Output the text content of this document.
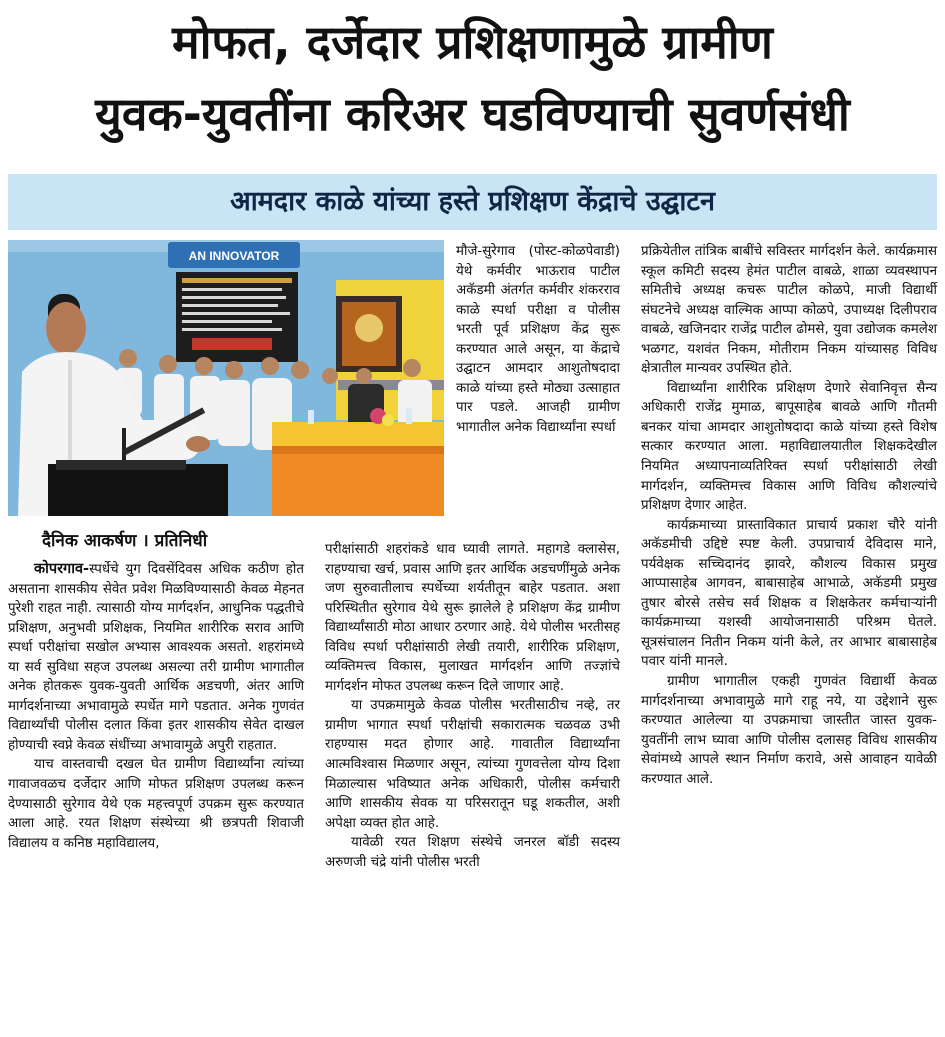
मोफत, दर्जेदार प्रशिक्षणामुळे ग्रामीण
युवक-युवतींना करिअर घडविण्याची सुवर्णसंधी
आमदार काळे यांच्या हस्ते प्रशिक्षण केंद्राचे उद्घाटन
AN INNOVATOR
दैनिक आकर्षण । प्रतिनिधी

कोपरगाव-स्पर्धेचे युग दिवसेंदिवस अधिक कठीण होत असताना शासकीय सेवेत प्रवेश मिळविण्यासाठी केवळ मेहनत पुरेशी राहत नाही. त्यासाठी योग्य मार्गदर्शन, आधुनिक पद्धतीचे प्रशिक्षण, अनुभवी प्रशिक्षक, नियमित शारीरिक सराव आणि स्पर्धा परीक्षांचा सखोल अभ्यास आवश्यक असतो. शहरांमध्ये या सर्व सुविधा सहज उपलब्ध असल्या तरी ग्रामीण भागातील अनेक होतकरू युवक-युवती आर्थिक अडचणी, अंतर आणि मार्गदर्शनाच्या अभावामुळे स्पर्धेत मागे पडतात. अनेक गुणवंत विद्यार्थ्यांची पोलीस दलात किंवा इतर शासकीय सेवेत दाखल होण्याची स्वप्ने केवळ संधींच्या अभावामुळे अपुरी राहतात.

याच वास्तवाची दखल घेत ग्रामीण विद्यार्थ्यांना त्यांच्या गावाजवळच दर्जेदार आणि मोफत प्रशिक्षण उपलब्ध करून देण्यासाठी सुरेगाव येथे एक महत्त्वपूर्ण उपक्रम सुरू करण्यात आला आहे. रयत शिक्षण संस्थेच्या श्री छत्रपती शिवाजी विद्यालय व कनिष्ठ महाविद्यालय,

मौजे-सुरेगाव (पोस्ट-कोळपेवाडी) येथे कर्मवीर भाऊराव पाटील अकॅडमी अंतर्गत कर्मवीर शंकरराव काळे स्पर्धा परीक्षा व पोलीस भरती पूर्व प्रशिक्षण केंद्र सुरू करण्यात आले असून, या केंद्राचे उद्घाटन आमदार आशुतोषदादा काळे यांच्या हस्ते मोठ्या उत्साहात पार पडले. आजही ग्रामीण भागातील अनेक विद्यार्थ्यांना स्पर्धा

परीक्षांसाठी शहरांकडे धाव घ्यावी लागते. महागडे क्लासेस, राहण्याचा खर्च, प्रवास आणि इतर आर्थिक अडचणींमुळे अनेक जण सुरुवातीलाच स्पर्धेच्या शर्यतीतून बाहेर पडतात. अशा परिस्थितीत सुरेगाव येथे सुरू झालेले हे प्रशिक्षण केंद्र ग्रामीण विद्यार्थ्यांसाठी मोठा आधार ठरणार आहे. येथे पोलीस भरतीसह विविध स्पर्धा परीक्षांसाठी लेखी तयारी, शारीरिक प्रशिक्षण, व्यक्तिमत्त्व विकास, मुलाखत मार्गदर्शन आणि तज्ज्ञांचे मार्गदर्शन मोफत उपलब्ध करून दिले जाणार आहे.

या उपक्रमामुळे केवळ पोलीस भरतीसाठीच नव्हे, तर ग्रामीण भागात स्पर्धा परीक्षांची सकारात्मक चळवळ उभी राहण्यास मदत होणार आहे. गावातील विद्यार्थ्यांना आत्मविश्वास मिळणार असून, त्यांच्या गुणवत्तेला योग्य दिशा मिळाल्यास भविष्यात अनेक अधिकारी, पोलीस कर्मचारी आणि शासकीय सेवक या परिसरातून घडू शकतील, अशी अपेक्षा व्यक्त होत आहे.

यावेळी रयत शिक्षण संस्थेचे जनरल बॉडी सदस्य अरुणजी चंद्रे यांनी पोलीस भरती

प्रक्रियेतील तांत्रिक बाबींचे सविस्तर मार्गदर्शन केले. कार्यक्रमास स्कूल कमिटी सदस्य हेमंत पाटील वाबळे, शाळा व्यवस्थापन समितीचे अध्यक्ष कचरू पाटील कोळपे, माजी विद्यार्थी संघटनेचे अध्यक्ष वाल्मिक आप्पा कोळपे, उपाध्यक्ष दिलीपराव वाबळे, खजिनदार राजेंद्र पाटील ढोमसे, युवा उद्योजक कमलेश भळगट, यशवंत निकम, मोतीराम निकम यांच्यासह विविध क्षेत्रातील मान्यवर उपस्थित होते.

विद्यार्थ्यांना शारीरिक प्रशिक्षण देणारे सेवानिवृत्त सैन्य अधिकारी राजेंद्र मुमाळ, बापूसाहेब बावळे आणि गौतमी बनकर यांचा आमदार आशुतोषदादा काळे यांच्या हस्ते विशेष सत्कार करण्यात आला. महाविद्यालयातील शिक्षकदेखील नियमित अध्यापनाव्यतिरिक्त स्पर्धा परीक्षांसाठी लेखी मार्गदर्शन, व्यक्तिमत्त्व विकास आणि विविध कौशल्यांचे प्रशिक्षण देणार आहेत.

कार्यक्रमाच्या प्रास्ताविकात प्राचार्य प्रकाश चौरे यांनी अकॅडमीची उद्दिष्टे स्पष्ट केली. उपप्राचार्य देविदास माने, पर्यवेक्षक सच्चिदानंद झावरे, कौशल्य विकास प्रमुख आप्पासाहेब आगवन, बाबासाहेब आभाळे, अकॅडमी प्रमुख तुषार बोरसे तसेच सर्व शिक्षक व शिक्षकेतर कर्मचाऱ्यांनी कार्यक्रमाच्या यशस्वी आयोजनासाठी परिश्रम घेतले. सूत्रसंचालन नितीन निकम यांनी केले, तर आभार बाबासाहेब पवार यांनी मानले.

ग्रामीण भागातील एकही गुणवंत विद्यार्थी केवळ मार्गदर्शनाच्या अभावामुळे मागे राहू नये, या उद्देशाने सुरू करण्यात आलेल्या या उपक्रमाचा जास्तीत जास्त युवक-युवतींनी लाभ घ्यावा आणि पोलीस दलासह विविध शासकीय सेवांमध्ये आपले स्थान निर्माण करावे, असे आवाहन यावेळी करण्यात आले.
